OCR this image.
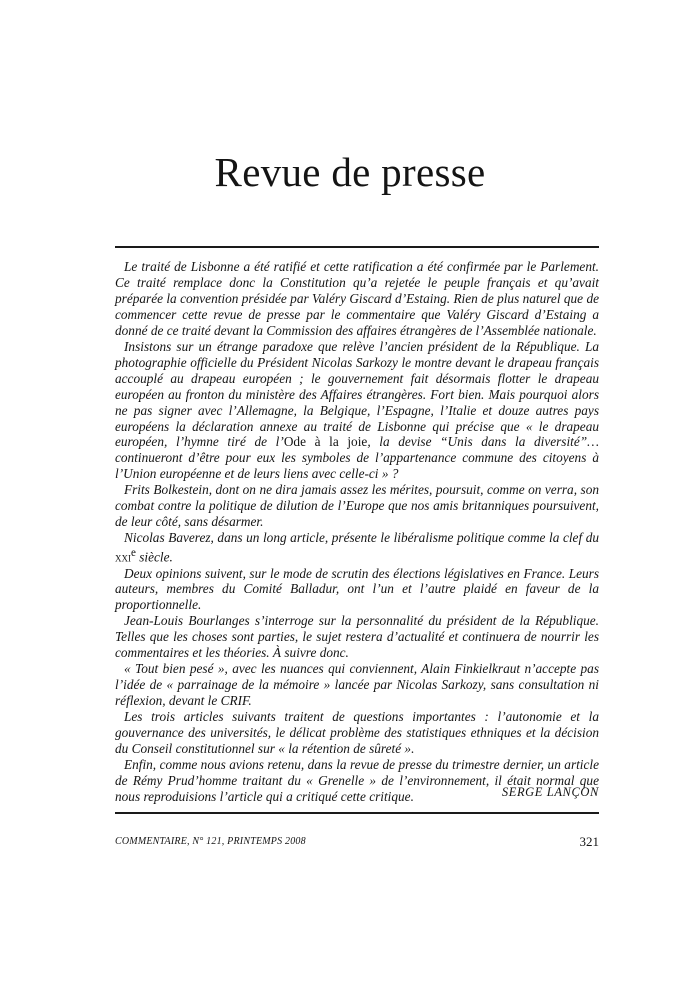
Revue de presse

Le traité de Lisbonne a été ratifié et cette ratification a été confirmée par le Parlement. Ce traité remplace donc la Constitution qu’a rejetée le peuple français et qu’avait préparée la convention présidée par Valéry Giscard d’Estaing. Rien de plus naturel que de commencer cette revue de presse par le commentaire que Valéry Giscard d’Estaing a donné de ce traité devant la Commission des affaires étrangères de l’Assemblée nationale.

Insistons sur un étrange paradoxe que relève l’ancien président de la République. La photographie officielle du Président Nicolas Sarkozy le montre devant le drapeau français accouplé au drapeau européen ; le gouvernement fait désormais flotter le drapeau européen au fronton du ministère des Affaires étrangères. Fort bien. Mais pourquoi alors ne pas signer avec l’Allemagne, la Belgique, l’Espagne, l’Italie et douze autres pays européens la déclaration annexe au traité de Lisbonne qui précise que « le drapeau européen, l’hymne tiré de l’Ode à la joie, la devise “Unis dans la diversité”… continueront d’être pour eux les symboles de l’appartenance commune des citoyens à l’Union européenne et de leurs liens avec celle-ci » ?

Frits Bolkestein, dont on ne dira jamais assez les mérites, poursuit, comme on verra, son combat contre la politique de dilution de l’Europe que nos amis britanniques poursuivent, de leur côté, sans désarmer.

Nicolas Baverez, dans un long article, présente le libéralisme politique comme la clef du xxi$^e$ siècle.

Deux opinions suivent, sur le mode de scrutin des élections législatives en France. Leurs auteurs, membres du Comité Balladur, ont l’un et l’autre plaidé en faveur de la proportionnelle.

Jean-Louis Bourlanges s’interroge sur la personnalité du président de la République. Telles que les choses sont parties, le sujet restera d’actualité et continuera de nourrir les commentaires et les théories. À suivre donc.

« Tout bien pesé », avec les nuances qui conviennent, Alain Finkielkraut n’accepte pas l’idée de « parrainage de la mémoire » lancée par Nicolas Sarkozy, sans consultation ni réflexion, devant le CRIF.

Les trois articles suivants traitent de questions importantes : l’autonomie et la gouvernance des universités, le délicat problème des statistiques ethniques et la décision du Conseil constitutionnel sur « la rétention de sûreté ».

Enfin, comme nous avions retenu, dans la revue de presse du trimestre dernier, un article de Rémy Prud’homme traitant du « Grenelle » de l’environnement, il était normal que nous reproduisions l’article qui a critiqué cette critique.	SERGE LANÇON
COMMENTAIRE, N° 121, PRINTEMPS 2008	321
